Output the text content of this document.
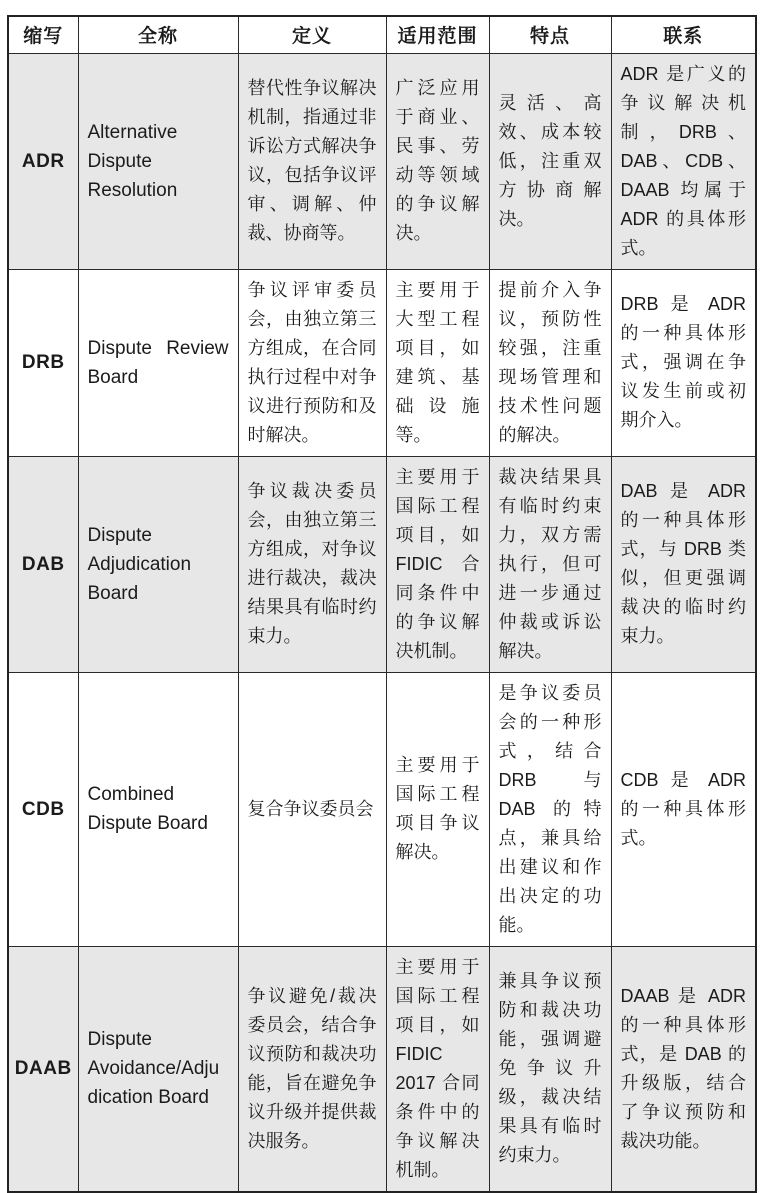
缩写	全称	定义	适用范围	特点	联系
ADR	Alternative Dispute Resolution	替代性争议解决机制，指通过非诉讼方式解决争议，包括争议评审、调解、仲裁、协商等。	广泛应用于商业、民事、劳动等领域的争议解决。	灵活、高效、成本较低，注重双方协商解决。	ADR 是广义的争议解决机制，DRB、DAB、CDB、DAAB 均属于 ADR 的具体形式。
DRB	Dispute Review Board	争议评审委员会，由独立第三方组成，在合同执行过程中对争议进行预防和及时解决。	主要用于大型工程项目，如建筑、基础设施等。	提前介入争议，预防性较强，注重现场管理和技术性问题的解决。	DRB 是 ADR 的一种具体形式，强调在争议发生前或初期介入。
DAB	Dispute Adjudication Board	争议裁决委员会，由独立第三方组成，对争议进行裁决，裁决结果具有临时约束力。	主要用于国际工程项目，如 FIDIC 合同条件中的争议解决机制。	裁决结果具有临时约束力，双方需执行，但可进一步通过仲裁或诉讼解决。	DAB 是 ADR 的一种具体形式，与 DRB 类似，但更强调裁决的临时约束力。
CDB	Combined Dispute Board	复合争议委员会	主要用于国际工程项目争议解决。	是争议委员会的一种形式，结合 DRB 与 DAB 的特点，兼具给出建议和作出决定的功能。	CDB 是 ADR 的一种具体形式。
DAAB	Dispute Avoidance/Adjudication Board	争议避免/裁决委员会，结合争议预防和裁决功能，旨在避免争议升级并提供裁决服务。	主要用于国际工程项目，如 FIDIC 2017 合同条件中的争议解决机制。	兼具争议预防和裁决功能，强调避免争议升级，裁决结果具有临时约束力。	DAAB 是 ADR 的一种具体形式，是 DAB 的升级版，结合了争议预防和裁决功能。
